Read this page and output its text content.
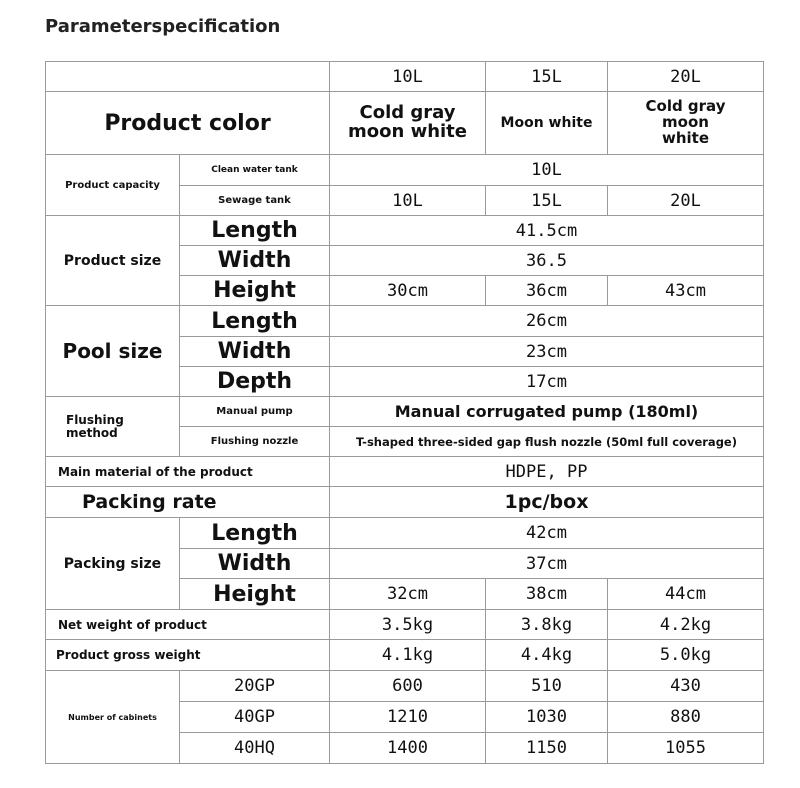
Parameterspecification
		10L	15L	20L
Product color		Cold gray moon white	Moon white	Cold gray moon white
Product capacity	Clean water tank	10L		
	Sewage tank	10L	15L	20L
Product size	Length	41.5cm		
	Width	36.5		
	Height	30cm	36cm	43cm
Pool size	Length	26cm		
	Width	23cm		
	Depth	17cm		
Flushing method	Manual pump	Manual corrugated pump (180ml)		
	Flushing nozzle	T-shaped three-sided gap flush nozzle (50ml full coverage)		
Main material of the product		HDPE, PP		
Packing rate		1pc/box		
Packing size	Length	42cm		
	Width	37cm		
	Height	32cm	38cm	44cm
Net weight of product		3.5kg	3.8kg	4.2kg
Product gross weight		4.1kg	4.4kg	5.0kg
Number of cabinets	20GP	600	510	430
	40GP	1210	1030	880
	40HQ	1400	1150	1055
